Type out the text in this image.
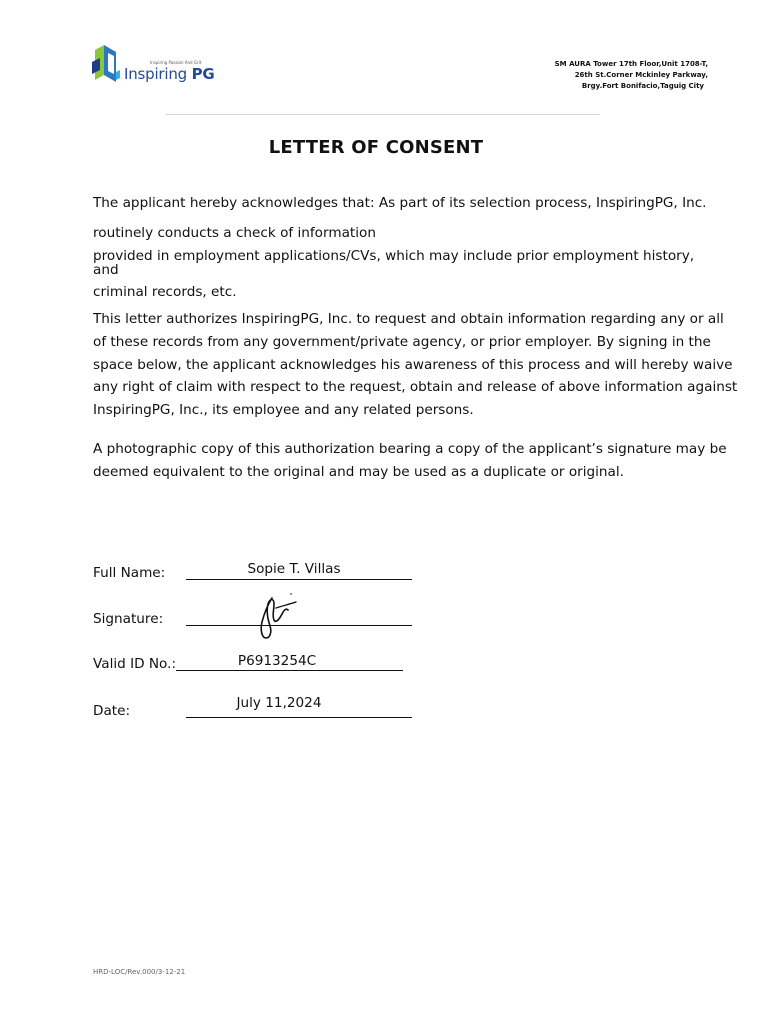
Inspiring Passion And Grit
Inspiring PG
SM AURA Tower 17th Floor,Unit 1708-T,
26th St.Corner Mckinley Parkway,
Brgy.Fort Bonifacio,Taguig City
LETTER OF CONSENT
The applicant hereby acknowledges that: As part of its selection process, InspiringPG, Inc.
routinely conducts a check of information
provided in employment applications/CVs, which may include prior employment history,
and
criminal records, etc.
This letter authorizes InspiringPG, Inc. to request and obtain information regarding any or all
of these records from any government/private agency, or prior employer. By signing in the
space below, the applicant acknowledges his awareness of this process and will hereby waive
any right of claim with respect to the request, obtain and release of above information against
InspiringPG, Inc., its employee and any related persons.
A photographic copy of this authorization bearing a copy of the applicant’s signature may be
deemed equivalent to the original and may be used as a duplicate or original.
Full Name:	Sopie T. Villas
Signature:
Valid ID No.:	P6913254C
Date:	July 11,2024
HRD-LOC/Rev.000/3-12-21
